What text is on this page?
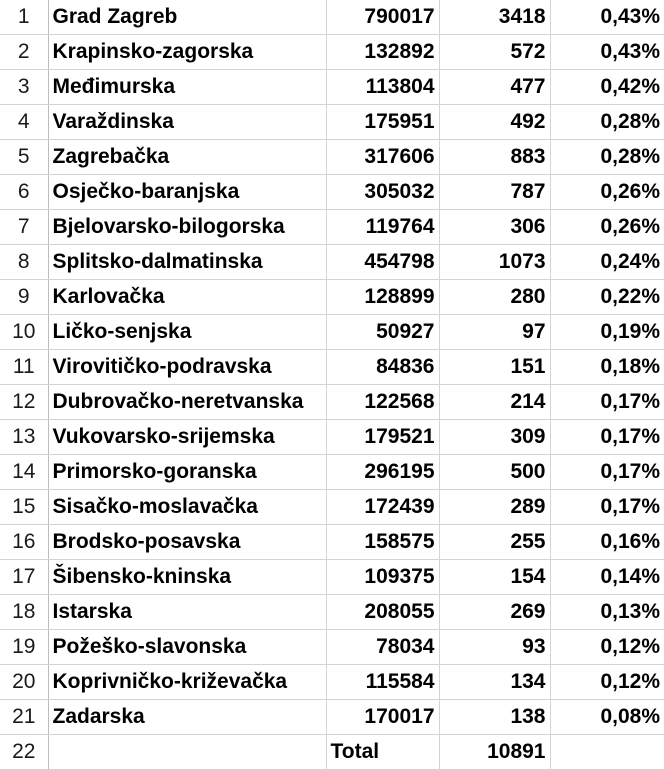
1	Grad Zagreb	790017	3418	0,43%
2	Krapinsko-zagorska	132892	572	0,43%
3	Međimurska	113804	477	0,42%
4	Varaždinska	175951	492	0,28%
5	Zagrebačka	317606	883	0,28%
6	Osječko-baranjska	305032	787	0,26%
7	Bjelovarsko-bilogorska	119764	306	0,26%
8	Splitsko-dalmatinska	454798	1073	0,24%
9	Karlovačka	128899	280	0,22%
10	Ličko-senjska	50927	97	0,19%
11	Virovitičko-podravska	84836	151	0,18%
12	Dubrovačko-neretvanska	122568	214	0,17%
13	Vukovarsko-srijemska	179521	309	0,17%
14	Primorsko-goranska	296195	500	0,17%
15	Sisačko-moslavačka	172439	289	0,17%
16	Brodsko-posavska	158575	255	0,16%
17	Šibensko-kninska	109375	154	0,14%
18	Istarska	208055	269	0,13%
19	Požeško-slavonska	78034	93	0,12%
20	Koprivničko-križevačka	115584	134	0,12%
21	Zadarska	170017	138	0,08%
22		Total	10891	
